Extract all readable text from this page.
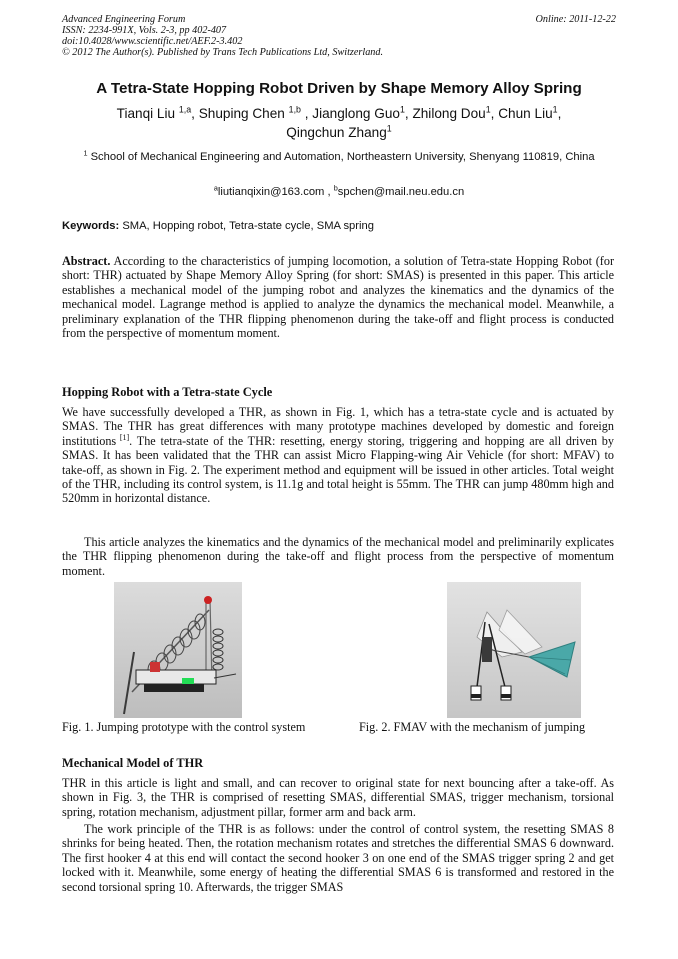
Advanced Engineering Forum
ISSN: 2234-991X, Vols. 2-3, pp 402-407
doi:10.4028/www.scientific.net/AEF.2-3.402
© 2012 The Author(s). Published by Trans Tech Publications Ltd, Switzerland.
Online: 2011-12-22
A Tetra-State Hopping Robot Driven by Shape Memory Alloy Spring
Tianqi Liu $^{1,a}$, Shuping Chen $^{1,b}$ , Jianglong Guo$^1$, Zhilong Dou$^1$, Chun Liu$^1$,
Qingchun Zhang$^1$
$^1$ School of Mechanical Engineering and Automation, Northeastern University, Shenyang 110819, China
$^a$liutianqixin@163.com , $^b$spchen@mail.neu.edu.cn
Keywords: SMA, Hopping robot, Tetra-state cycle, SMA spring
Abstract. According to the characteristics of jumping locomotion, a solution of Tetra-state Hopping Robot (for short: THR) actuated by Shape Memory Alloy Spring (for short: SMAS) is presented in this paper. This article establishes a mechanical model of the jumping robot and analyzes the kinematics and the dynamics of the mechanical model. Lagrange method is applied to analyze the dynamics the mechanical model. Meanwhile, a preliminary explanation of the THR flipping phenomenon during the take-off and flight process is conducted from the perspective of momentum moment.
Hopping Robot with a Tetra-state Cycle
We have successfully developed a THR, as shown in Fig. 1, which has a tetra-state cycle and is actuated by SMAS. The THR has great differences with many prototype machines developed by domestic and foreign institutions [1]. The tetra-state of the THR: resetting, energy storing, triggering and hopping are all driven by SMAS. It has been validated that the THR can assist Micro Flapping-wing Air Vehicle (for short: MFAV) to take-off, as shown in Fig. 2. The experiment method and equipment will be issued in other articles. Total weight of the THR, including its control system, is 11.1g and total height is 55mm. The THR can jump 480mm high and 520mm in horizontal distance.
This article analyzes the kinematics and the dynamics of the mechanical model and preliminarily explicates the THR flipping phenomenon during the take-off and flight process from the perspective of momentum moment.
Fig. 1. Jumping prototype with the control system	Fig. 2. FMAV with the mechanism of jumping
Mechanical Model of THR
THR in this article is light and small, and can recover to original state for next bouncing after a take-off. As shown in Fig. 3, the THR is comprised of resetting SMAS, differential SMAS, trigger mechanism, torsional spring, rotation mechanism, adjustment pillar, former arm and back arm.
The work principle of the THR is as follows: under the control of control system, the resetting SMAS 8 shrinks for being heated. Then, the rotation mechanism rotates and stretches the differential SMAS 6 downward. The first hooker 4 at this end will contact the second hooker 3 on one end of the SMAS trigger spring 2 and get locked with it. Meanwhile, some energy of heating the differential SMAS 6 is transformed and restored in the second torsional spring 10. Afterwards, the trigger SMAS
